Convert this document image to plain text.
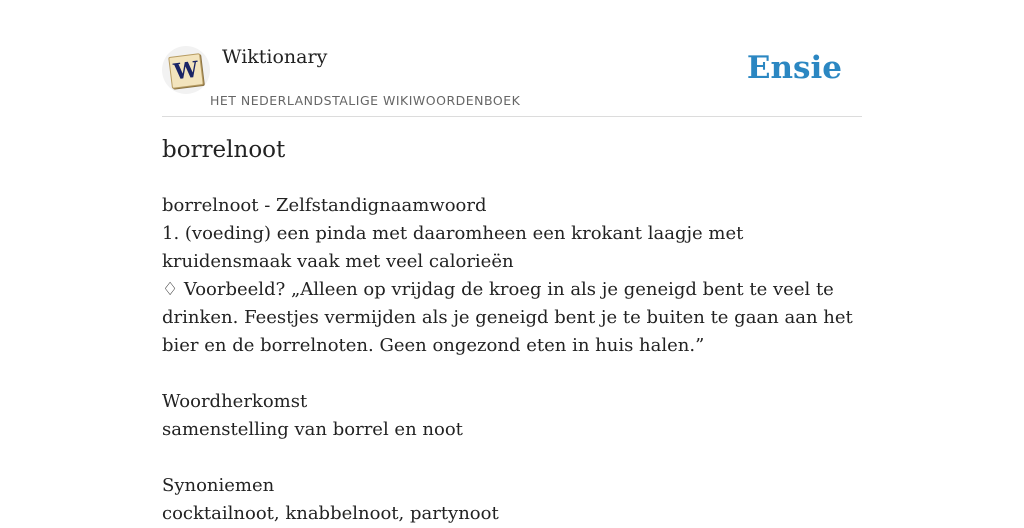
W Wiktionary
HET NEDERLANDSTALIGE WIKIWOORDENBOEK
Ensie
borrelnoot
borrelnoot - Zelfstandignaamwoord
1. (voeding) een pinda met daaromheen een krokant laagje met kruidensmaak vaak met veel calorieën
♢ Voorbeeld? „Alleen op vrijdag de kroeg in als je geneigd bent te veel te drinken. Feestjes vermijden als je geneigd bent je te buiten te gaan aan het bier en de borrelnoten. Geen ongezond eten in huis halen.”
Woordherkomst
samenstelling van borrel en noot
Synoniemen
cocktailnoot, knabbelnoot, partynoot
